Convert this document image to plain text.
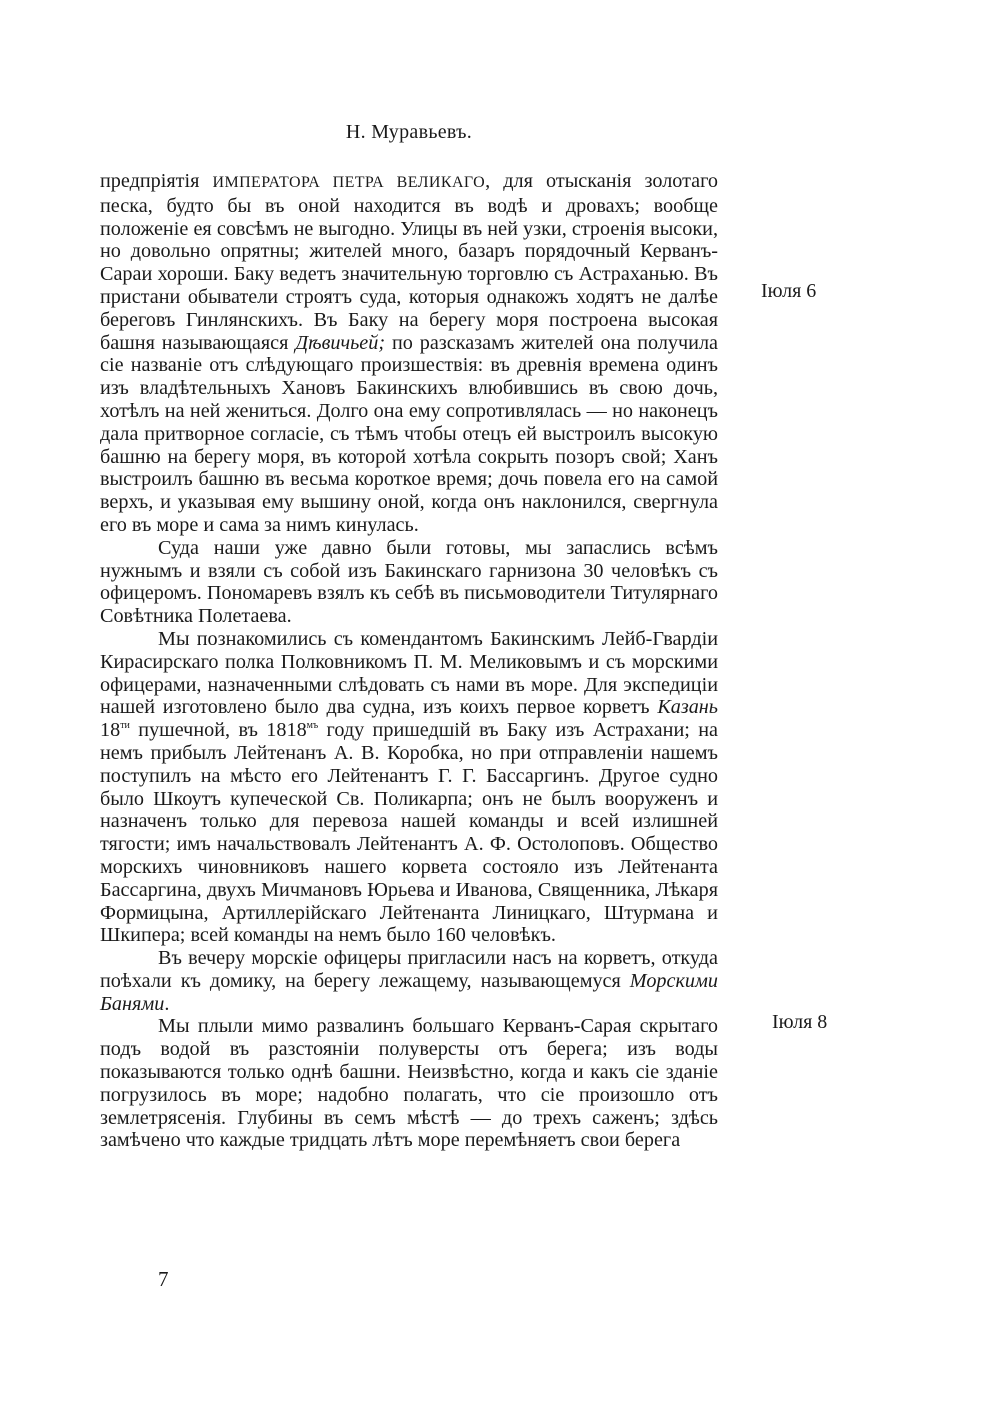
Н. Муравьевъ.

предпріятія ИМПЕРАТОРА ПЕТРА ВЕЛИКАГО, для отысканія золотаго песка, будто бы въ оной находится въ водѣ и дровахъ; вообще положеніе ея совсѣмъ не выгодно. Улицы въ ней узки, строенія высоки, но довольно опрятны; жителей много, базаръ порядочный Керванъ-Сараи хороши. Баку ведетъ значительную торговлю съ Астраханью. Въ пристани обыватели строятъ суда, которыя однакожъ ходятъ не далѣе береговъ Гинлянскихъ. Въ Баку на берегу моря построена высокая башня называющаяся Дѣвичьей; по разсказамъ жителей она получила сіе названіе отъ слѣдующаго произшествія: въ древнія времена одинъ изъ владѣтельныхъ Хановъ Бакинскихъ влюбившись въ свою дочь, хотѣлъ на ней жениться. Долго она ему сопротивлялась — но наконецъ дала притворное согласіе, съ тѣмъ чтобы отецъ ей выстроилъ высокую башню на берегу моря, въ которой хотѣла сокрыть позоръ свой; Ханъ выстроилъ башню въ весьма короткое время; дочь повела его на самой верхъ, и указывая ему вышину оной, когда онъ наклонился, свергнула его въ море и сама за нимъ кинулась.

Суда наши уже давно были готовы, мы запаслись всѣмъ нужнымъ и взяли съ собой изъ Бакинскаго гарнизона 30 человѣкъ съ офицеромъ. Пономаревъ взялъ къ себѣ въ письмоводители Титулярнаго Совѣтника Полетаева.

Мы познакомились съ комендантомъ Бакинскимъ Лейб-Гвардіи Кирасирскаго полка Полковникомъ П. М. Меликовымъ и съ морскими офицерами, назначенными слѣдовать съ нами въ море. Для экспедиціи нашей изготовлено было два судна, изъ коихъ первое корветъ Казань $18^{ти}$ пушечной, въ $1818^{мъ}$ году пришедшій въ Баку изъ Астрахани; на немъ прибылъ Лейтенанъ А. В. Коробка, но при отправленіи нашемъ поступилъ на мѣсто его Лейтенантъ Г. Г. Бассаргинъ. Другое судно было Шкоутъ купеческой Св. Поликарпа; онъ не былъ вооруженъ и назначенъ только для перевоза нашей команды и всей излишней тягости; имъ начальствовалъ Лейтенантъ А. Ф. Остолоповъ. Общество морскихъ чиновниковъ нашего корвета состояло изъ Лейтенанта Бассаргина, двухъ Мичмановъ Юрьева и Иванова, Священника, Лѣкаря Формицына, Артиллерійскаго Лейтенанта Линицкаго, Штурмана и Шкипера; всей команды на немъ было 160 человѣкъ.

Въ вечеру морскіе офицеры пригласили насъ на корветъ, откуда поѣхали къ домику, на берегу лежащему, называющемуся Морскими Банями.

Мы плыли мимо развалинъ большаго Керванъ-Сарая скрытаго подъ водой въ разстояніи полуверсты отъ берега; изъ воды показываются только однѣ башни. Неизвѣстно, когда и какъ сіе зданіе погрузилось въ море; надобно полагать, что сіе произошло отъ землетрясенія. Глубины въ семъ мѣстѣ — до трехъ саженъ; здѣсь замѣчено что каждые тридцать лѣтъ море перемѣняетъ свои берега

Іюля 6
Іюля 8
7
